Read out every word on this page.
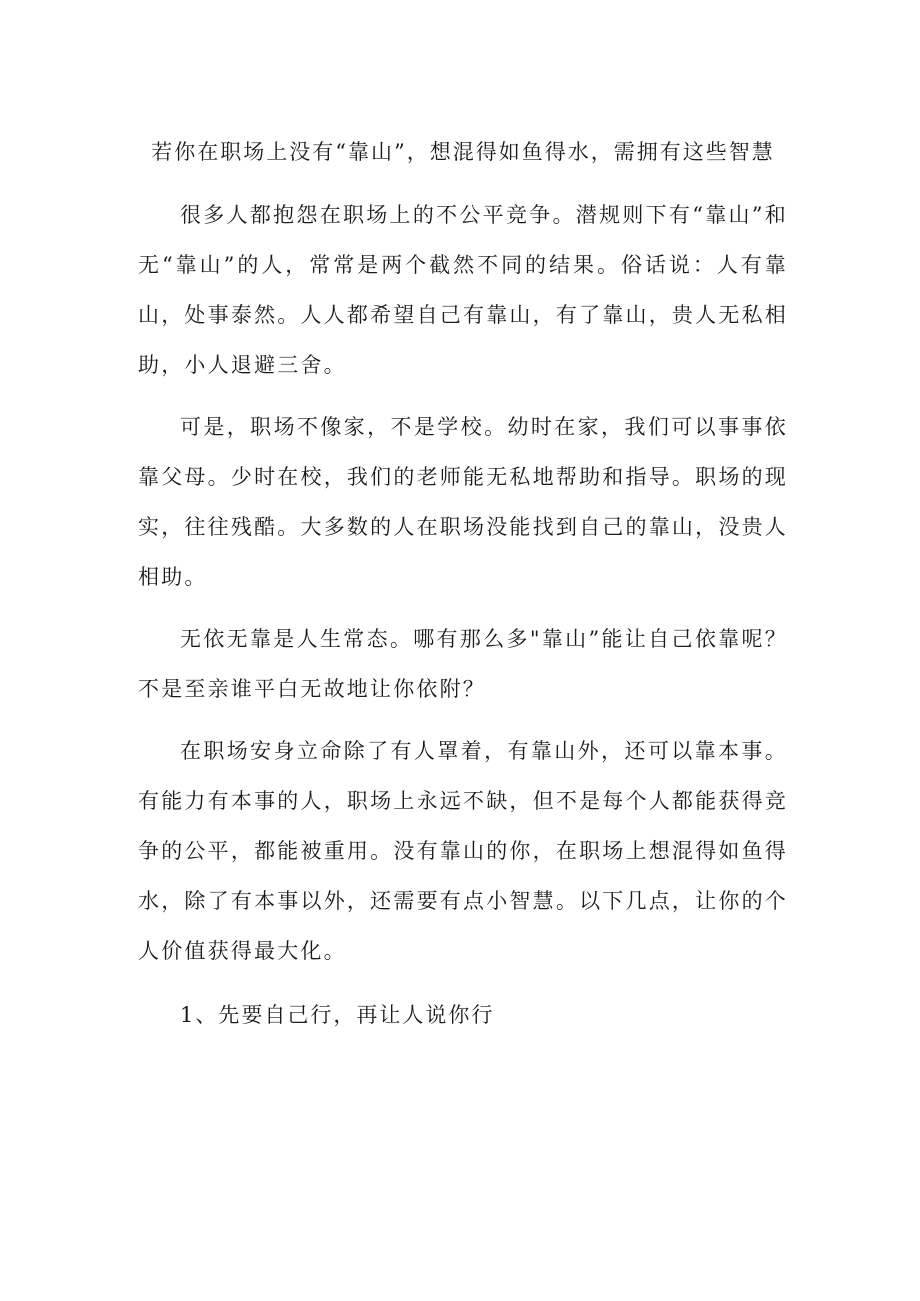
若你在职场上没有“靠山”，想混得如鱼得水，需拥有这些智慧

很多人都抱怨在职场上的不公平竞争。潜规则下有“靠山”和无“靠山”的人，常常是两个截然不同的结果。俗话说：人有靠山，处事泰然。人人都希望自己有靠山，有了靠山，贵人无私相助，小人退避三舍。

可是，职场不像家，不是学校。幼时在家，我们可以事事依靠父母。少时在校，我们的老师能无私地帮助和指导。职场的现实，往往残酷。大多数的人在职场没能找到自己的靠山，没贵人相助。

无依无靠是人生常态。哪有那么多"靠山”能让自己依靠呢？不是至亲谁平白无故地让你依附？

在职场安身立命除了有人罩着，有靠山外，还可以靠本事。有能力有本事的人，职场上永远不缺，但不是每个人都能获得竞争的公平，都能被重用。没有靠山的你，在职场上想混得如鱼得水，除了有本事以外，还需要有点小智慧。以下几点，让你的个人价值获得最大化。

1、先要自己行，再让人说你行
